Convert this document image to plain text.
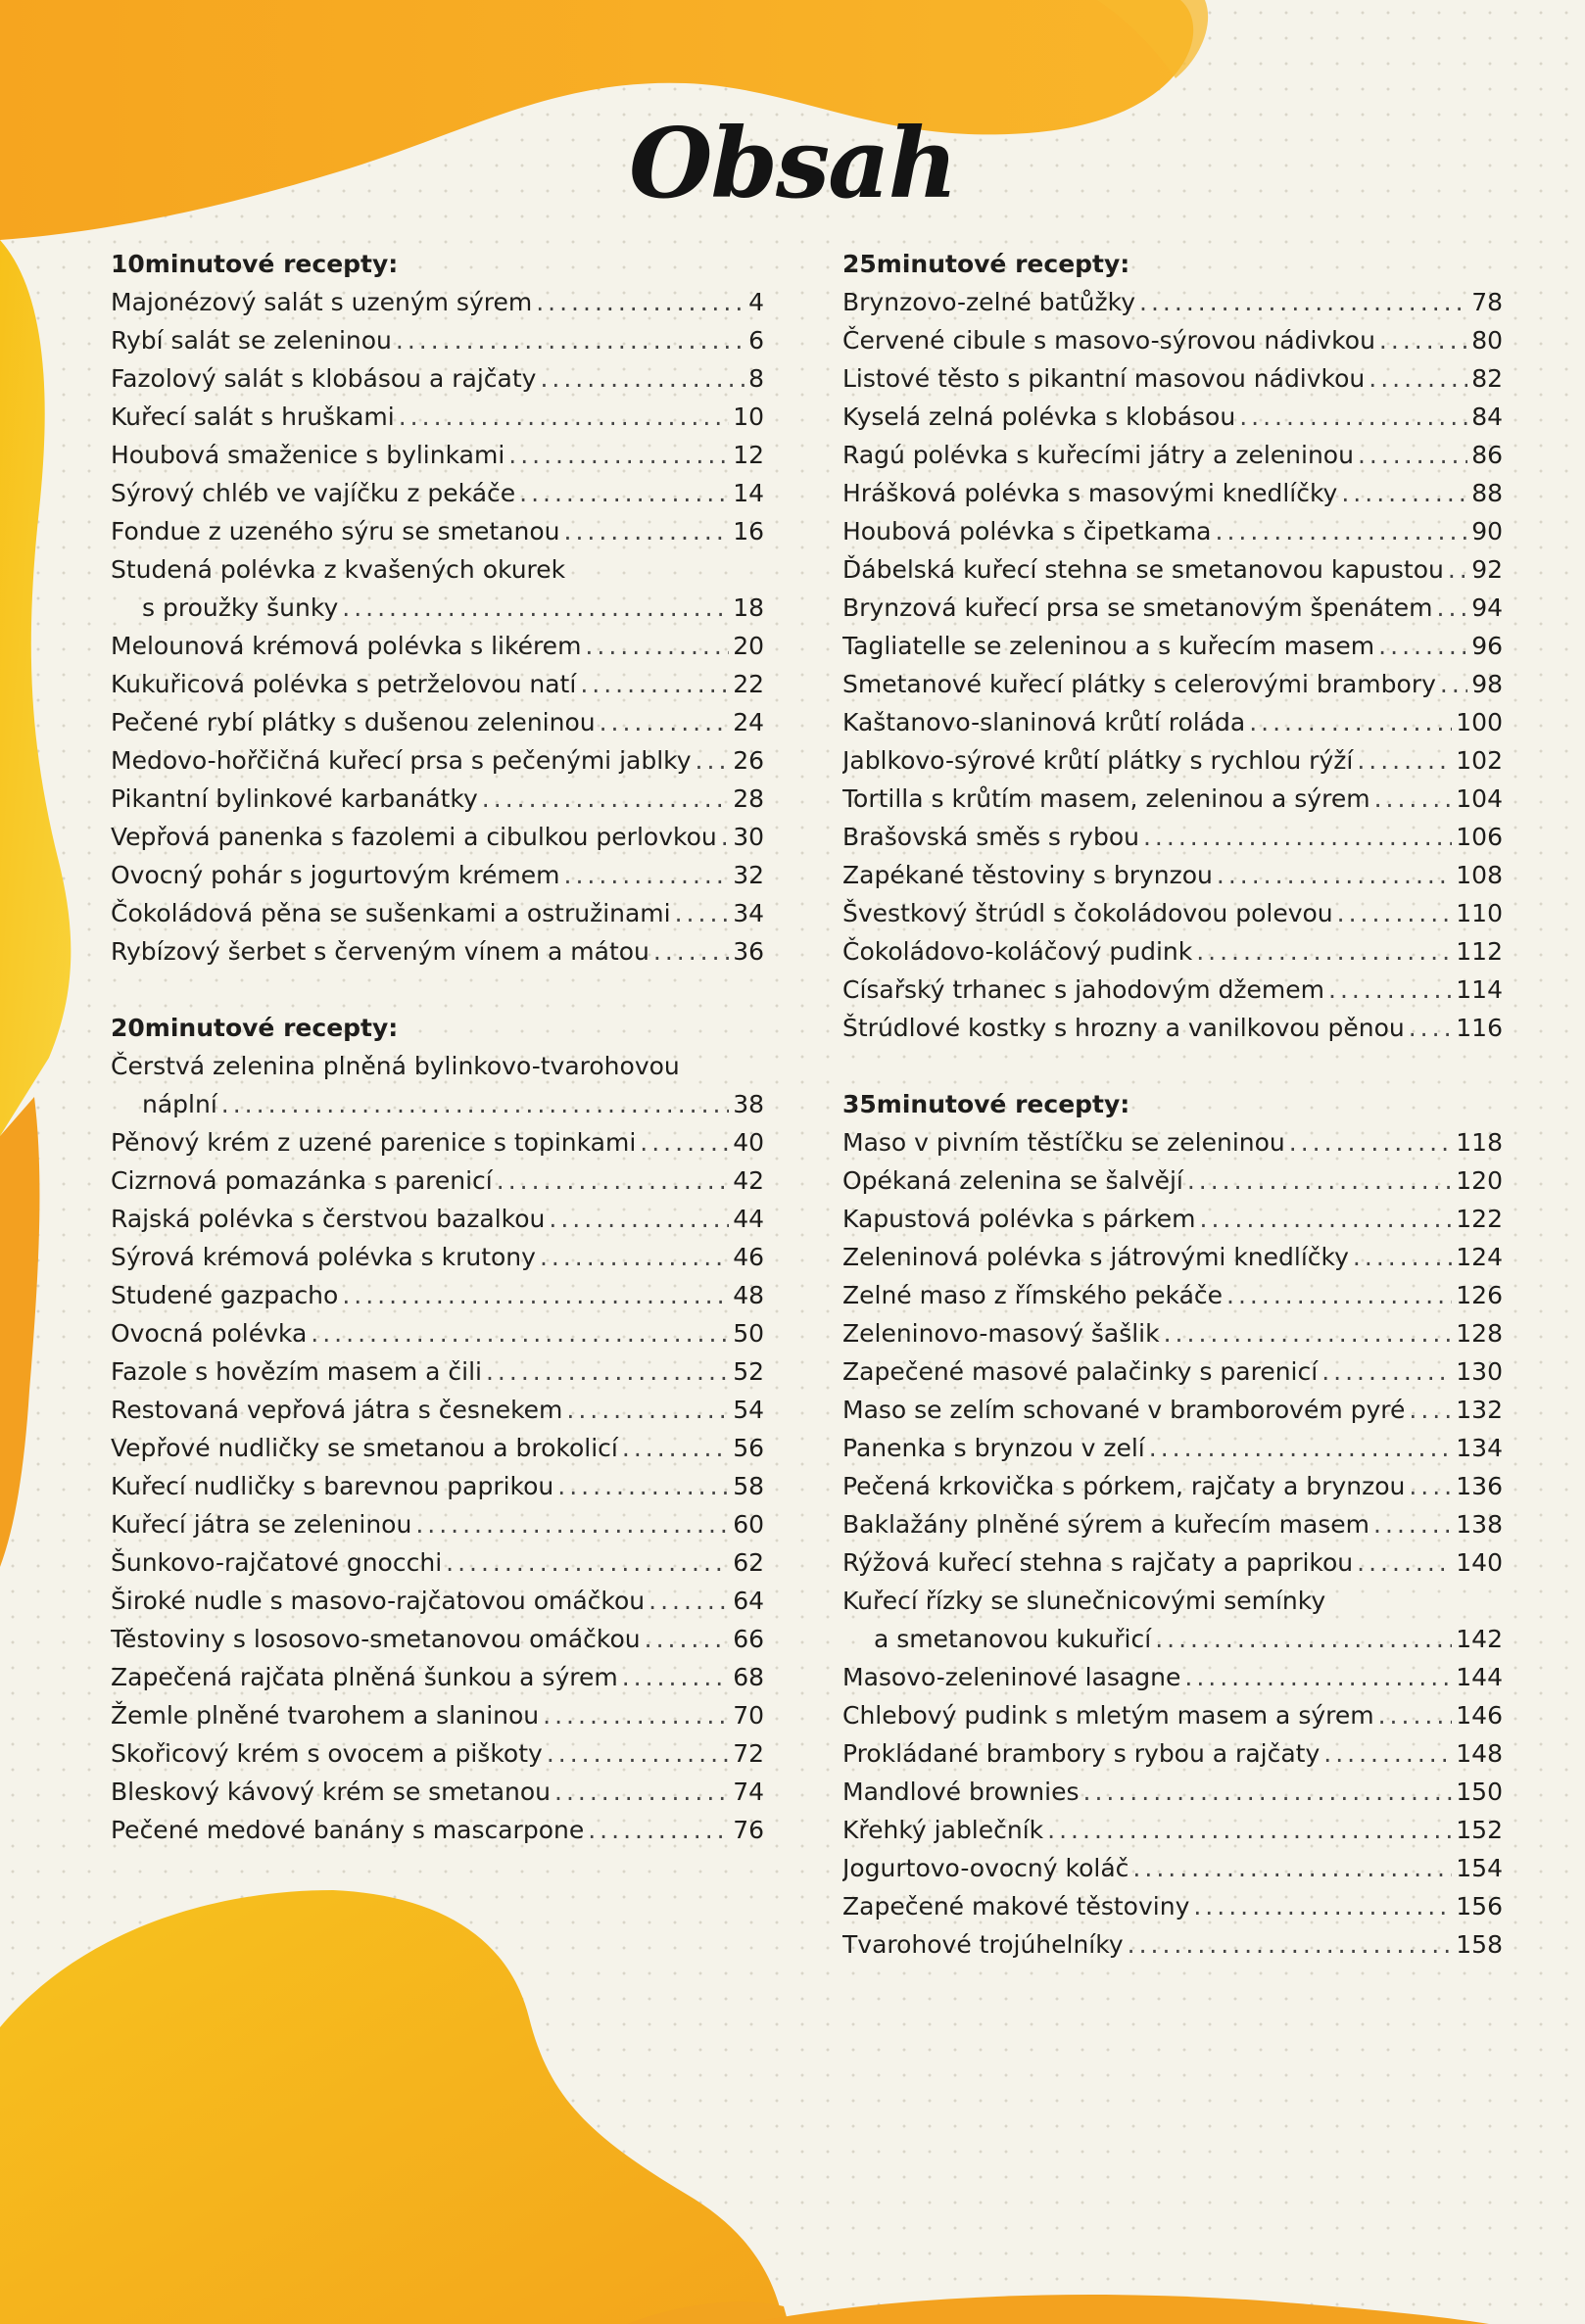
Obsah
10minutové recepty:
Majonézový salát s uzeným sýrem .....	4
Rybí salát se zeleninou .....	6
Fazolový salát s klobásou a rajčaty .....	8
Kuřecí salát s hruškami .....	10
Houbová smaženice s bylinkami .....	12
Sýrový chléb ve vajíčku z pekáče .....	14
Fondue z uzeného sýru se smetanou .....	16
Studená polévka z kvašených okurek
s proužky šunky .....	18
Melounová krémová polévka s likérem .....	20
Kukuřicová polévka s petrželovou natí .....	22
Pečené rybí plátky s dušenou zeleninou .....	24
Medovo-hořčičná kuřecí prsa s pečenými jablky ..... 26
Pikantní bylinkové karbanátky .....	28
Vepřová panenka s fazolemi a cibulkou perlovkou ..... 30
Ovocný pohár s jogurtovým krémem .....	32
Čokoládová pěna se sušenkami a ostružinami .....	34
Rybízový šerbet s červeným vínem a mátou .....	36
20minutové recepty:
Čerstvá zelenina plněná bylinkovo-tvarohovou
náplní .....	38
Pěnový krém z uzené parenice s topinkami .....	40
Cizrnová pomazánka s parenicí .....	42
Rajská polévka s čerstvou bazalkou .....	44
Sýrová krémová polévka s krutony .....	46
Studené gazpacho .....	48
Ovocná polévka .....	50
Fazole s hovězím masem a čili .....	52
Restovaná vepřová játra s česnekem .....	54
Vepřové nudličky se smetanou a brokolicí .....	56
Kuřecí nudličky s barevnou paprikou .....	58
Kuřecí játra se zeleninou .....	60
Šunkovo-rajčatové gnocchi .....	62
Široké nudle s masovo-rajčatovou omáčkou .....	64
Těstoviny s lososovo-smetanovou omáčkou .....	66
Zapečená rajčata plněná šunkou a sýrem .....	68
Žemle plněné tvarohem a slaninou .....	70
Skořicový krém s ovocem a piškoty .....	72
Bleskový kávový krém se smetanou .....	74
Pečené medové banány s mascarpone .....	76
25minutové recepty:
Brynzovo-zelné batůžky .....	78
Červené cibule s masovo-sýrovou nádivkou .....	80
Listové těsto s pikantní masovou nádivkou .....	82
Kyselá zelná polévka s klobásou .....	84
Ragú polévka s kuřecími játry a zeleninou .....	86
Hrášková polévka s masovými knedlíčky .....	88
Houbová polévka s čipetkama .....	90
Ďábelská kuřecí stehna se smetanovou kapustou ..... 92
Brynzová kuřecí prsa se smetanovým špenátem ..... 94
Tagliatelle se zeleninou a s kuřecím masem .....	96
Smetanové kuřecí plátky s celerovými brambory ..... 98
Kaštanovo-slaninová krůtí roláda .....	100
Jablkovo-sýrové krůtí plátky s rychlou rýží .....	102
Tortilla s krůtím masem, zeleninou a sýrem .....	104
Brašovská směs s rybou .....	106
Zapékané těstoviny s brynzou .....	108
Švestkový štrúdl s čokoládovou polevou .....	110
Čokoládovo-koláčový pudink .....	112
Císařský trhanec s jahodovým džemem .....	114
Štrúdlové kostky s hrozny a vanilkovou pěnou ..... 116
35minutové recepty:
Maso v pivním těstíčku se zeleninou .....	118
Opékaná zelenina se šalvějí .....	120
Kapustová polévka s párkem .....	122
Zeleninová polévka s játrovými knedlíčky .....	124
Zelné maso z římského pekáče .....	126
Zeleninovo-masový šašlik .....	128
Zapečené masové palačinky s parenicí .....	130
Maso se zelím schované v bramborovém pyré ..... 132
Panenka s brynzou v zelí .....	134
Pečená krkovička s pórkem, rajčaty a brynzou ..... 136
Baklažány plněné sýrem a kuřecím masem .....	138
Rýžová kuřecí stehna s rajčaty a paprikou .....	140
Kuřecí řízky se slunečnicovými semínky
a smetanovou kukuřicí .....	142
Masovo-zeleninové lasagne .....	144
Chlebový pudink s mletým masem a sýrem .....	146
Prokládané brambory s rybou a rajčaty .....	148
Mandlové brownies .....	150
Křehký jablečník .....	152
Jogurtovo-ovocný koláč .....	154
Zapečené makové těstoviny .....	156
Tvarohové trojúhelníky .....	158
